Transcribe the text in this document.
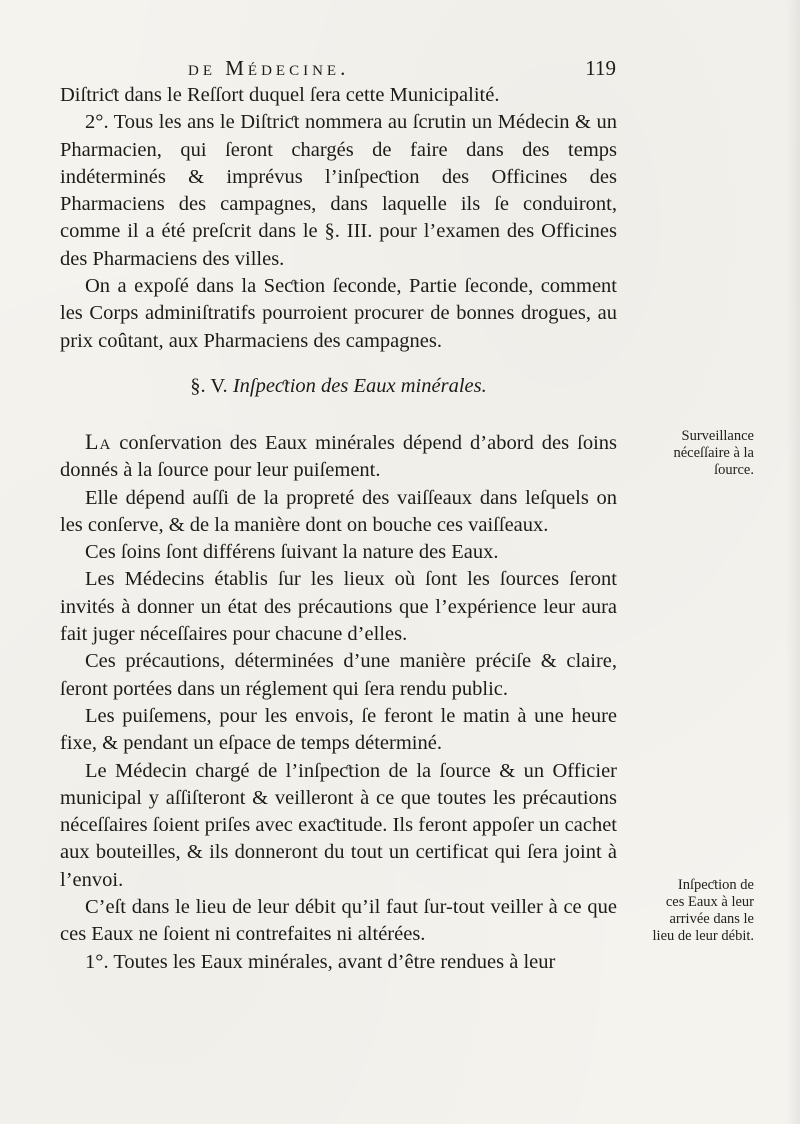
de Médecine.	119

Diſtriƈt dans le Reſſort duquel ſera cette Municipalité.

2°. Tous les ans le Diſtriƈt nommera au ſcrutin un Médecin & un Pharmacien, qui ſeront chargés de faire dans des temps indéterminés & imprévus l’inſpeƈtion des Officines des Pharmaciens des campagnes, dans laquelle ils ſe conduiront, comme il a été preſcrit dans le §. III. pour l’examen des Officines des Pharmaciens des villes.

On a expoſé dans la Seƈtion ſeconde, Partie ſeconde, comment les Corps adminiſtratifs pourroient procurer de bonnes drogues, au prix coûtant, aux Pharmaciens des campagnes.

§. V. Inſpeƈtion des Eaux minérales.

La conſervation des Eaux minérales dépend d’abord des ſoins donnés à la ſource pour leur puiſement.

Elle dépend auſſi de la propreté des vaiſſeaux dans leſquels on les conſerve, & de la manière dont on bouche ces vaiſſeaux.

Ces ſoins ſont différens ſuivant la nature des Eaux.

Les Médecins établis ſur les lieux où ſont les ſources ſeront invités à donner un état des précautions que l’expérience leur aura fait juger néceſſaires pour chacune d’elles.

Ces précautions, déterminées d’une manière préciſe & claire, ſeront portées dans un réglement qui ſera rendu public.

Les puiſemens, pour les envois, ſe feront le matin à une heure fixe, & pendant un eſpace de temps déterminé.

Le Médecin chargé de l’inſpeƈtion de la ſource & un Officier municipal y aſſiſteront & veilleront à ce que toutes les précautions néceſſaires ſoient priſes avec exaƈtitude. Ils feront appoſer un cachet aux bouteilles, & ils donneront du tout un certificat qui ſera joint à l’envoi.

C’eſt dans le lieu de leur débit qu’il faut ſur-tout veiller à ce que ces Eaux ne ſoient ni contrefaites ni altérées.

1°. Toutes les Eaux minérales, avant d’être rendues à leur

Surveillance
néceſſaire à la
ſource.
Inſpeƈtion de
ces Eaux à leur
arrivée dans le
lieu de leur débit.
